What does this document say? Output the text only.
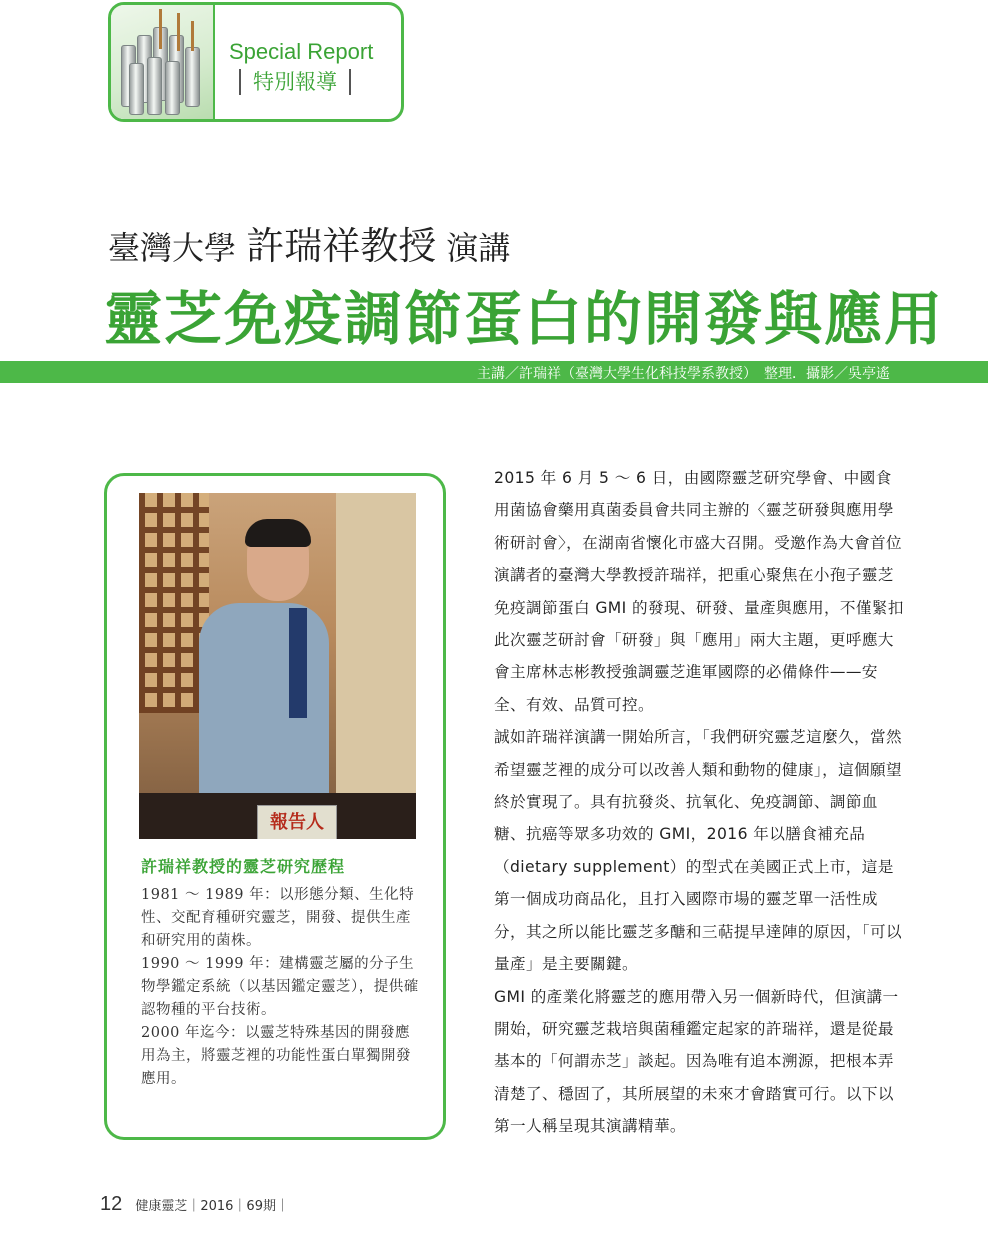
Special Report
特別報導
臺灣大學 許瑞祥教授 演講
靈芝免疫調節蛋白的開發與應用
主講／許瑞祥（臺灣大學生化科技學系教授）　整理．攝影／吳亭遙
報告人
許瑞祥教授的靈芝研究歷程
1981 ～ 1989 年：以形態分類、生化特性、交配育種研究靈芝，開發、提供生產和研究用的菌株。
1990 ～ 1999 年：建構靈芝屬的分子生物學鑑定系統（以基因鑑定靈芝），提供確認物種的平台技術。
2000 年迄今：以靈芝特殊基因的開發應用為主，將靈芝裡的功能性蛋白單獨開發應用。

2015 年 6 月 5 ～ 6 日，由國際靈芝研究學會、中國食用菌協會藥用真菌委員會共同主辦的〈靈芝研發與應用學術研討會〉，在湖南省懷化市盛大召開。受邀作為大會首位演講者的臺灣大學教授許瑞祥，把重心聚焦在小孢子靈芝免疫調節蛋白 GMI 的發現、研發、量產與應用，不僅緊扣此次靈芝研討會「研發」與「應用」兩大主題，更呼應大會主席林志彬教授強調靈芝進軍國際的必備條件——安全、有效、品質可控。

誠如許瑞祥演講一開始所言，「我們研究靈芝這麼久，當然希望靈芝裡的成分可以改善人類和動物的健康」，這個願望終於實現了。具有抗發炎、抗氧化、免疫調節、調節血糖、抗癌等眾多功效的 GMI，2016 年以膳食補充品（dietary supplement）的型式在美國正式上市，這是第一個成功商品化，且打入國際市場的靈芝單一活性成分，其之所以能比靈芝多醣和三萜提早達陣的原因，「可以量產」是主要關鍵。

GMI 的產業化將靈芝的應用帶入另一個新時代，但演講一開始，研究靈芝栽培與菌種鑑定起家的許瑞祥，還是從最基本的「何謂赤芝」談起。因為唯有追本溯源，把根本弄清楚了、穩固了，其所展望的未來才會踏實可行。以下以第一人稱呈現其演講精華。

12 健康靈芝｜2016｜69期｜
